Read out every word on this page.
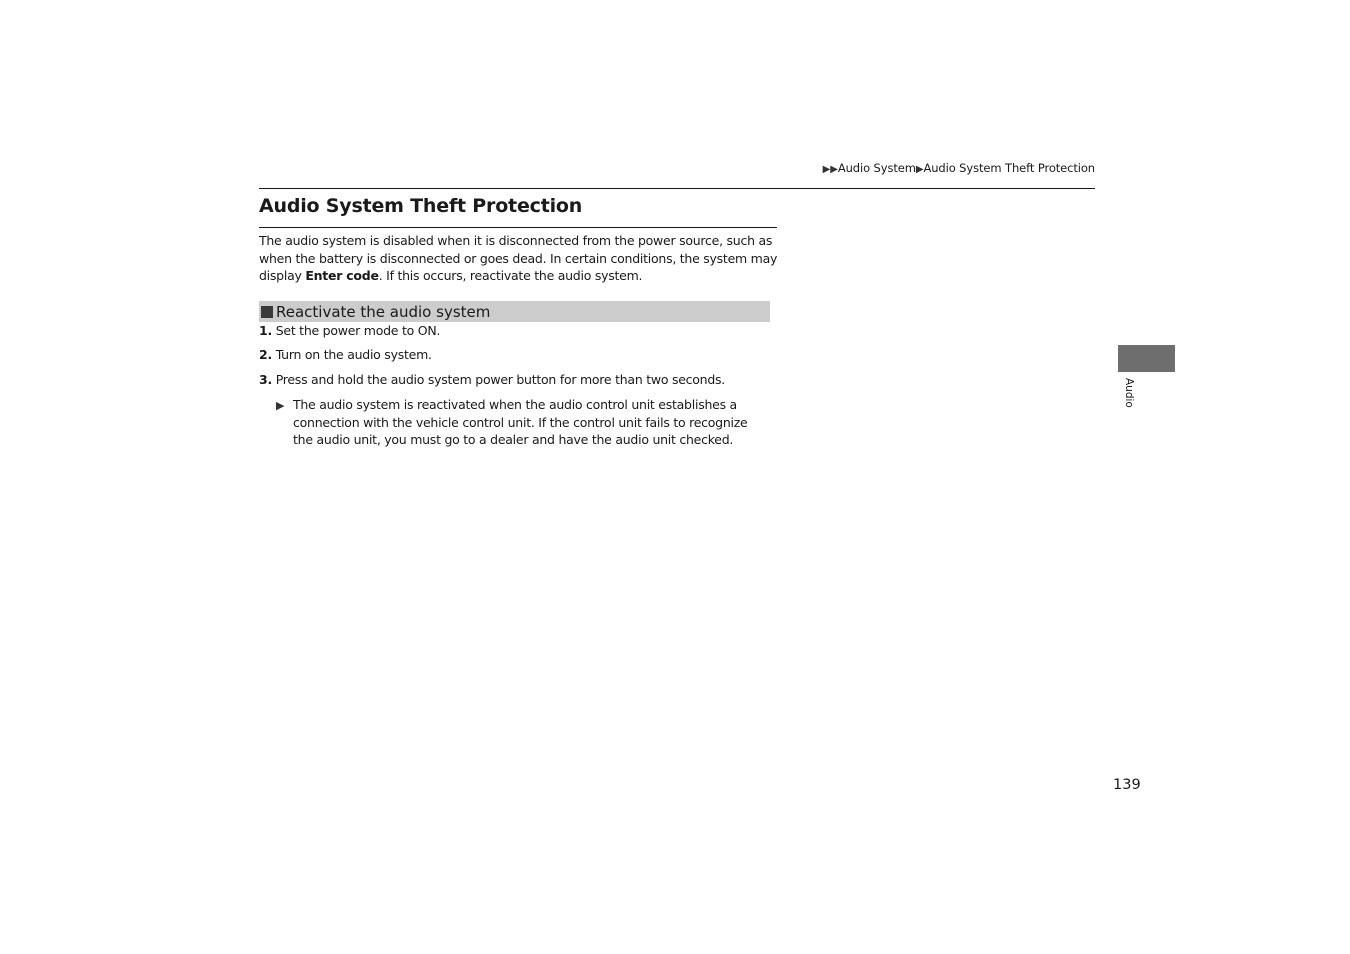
▶▶Audio System▶Audio System Theft Protection
Audio System Theft Protection

The audio system is disabled when it is disconnected from the power source, such as when the battery is disconnected or goes dead. In certain conditions, the system may display Enter code. If this occurs, reactivate the audio system.

Reactivate the audio system
1. Set the power mode to ON.
2. Turn on the audio system.
3. Press and hold the audio system power button for more than two seconds.
▶ The audio system is reactivated when the audio control unit establishes a connection with the vehicle control unit. If the control unit fails to recognize the audio unit, you must go to a dealer and have the audio unit checked.
Audio
139
